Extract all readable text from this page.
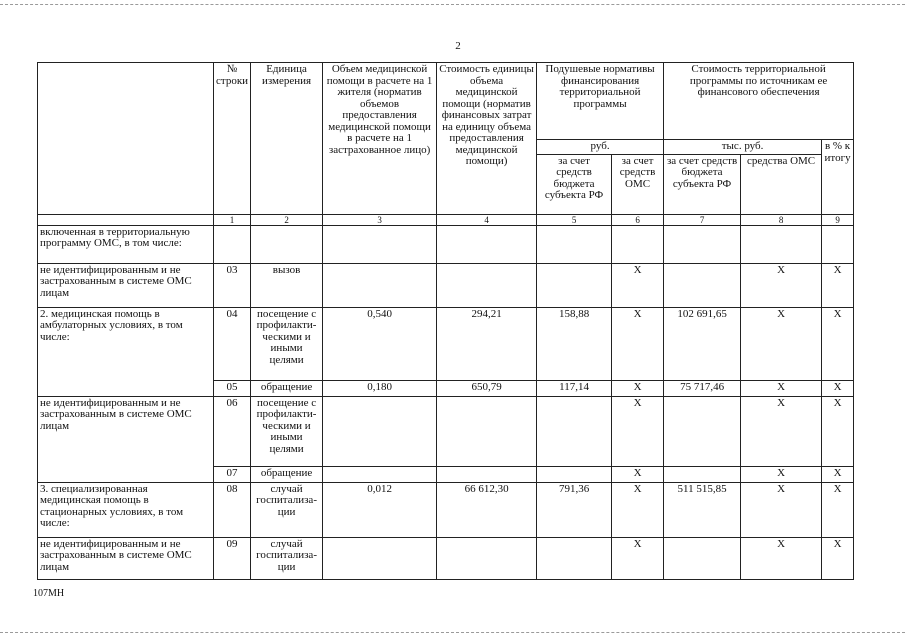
2
	№ строки	Единица измерения	Объем медицинской помощи в расчете на 1 жителя (норматив объемов предоставления медицинской помощи в расчете на 1 застрахованное лицо)	Стоимость единицы объема медицинской помощи (норматив финансовых затрат на единицу объема предоставления медицинской помощи)	Подушевые нормативы финансирования территориальной программы		Стоимость территориальной программы по источникам ее финансового обеспечения		
					руб.		тыс. руб.		в % к итогу
					за счет средств бюджета субъекта РФ	за счет средств ОМС	за счет средств бюджета субъекта РФ	средства ОМС	
	1	2	3	4	5	6	7	8	9
включенная в территориальную программу ОМС, в том числе:									
не идентифицированным и не застрахованным в системе ОМС лицам	03	вызов				X		X	X
2. медицинская помощь в амбулаторных условиях, в том числе:	04	посещение с профилакти-ческими и иными целями	0,540	294,21	158,88	X	102 691,65	X	X
	05	обращение	0,180	650,79	117,14	X	75 717,46	X	X
не идентифицированным и не застрахованным в системе ОМС лицам	06	посещение с профилакти-ческими и иными целями				X		X	X
	07	обращение				X		X	X
3. специализированная медицинская помощь в стационарных условиях, в том числе:	08	случай госпитализа-ции	0,012	66 612,30	791,36	X	511 515,85	X	X
не идентифицированным и не застрахованным в системе ОМС лицам	09	случай госпитализа-ции				X		X	X
107МН
